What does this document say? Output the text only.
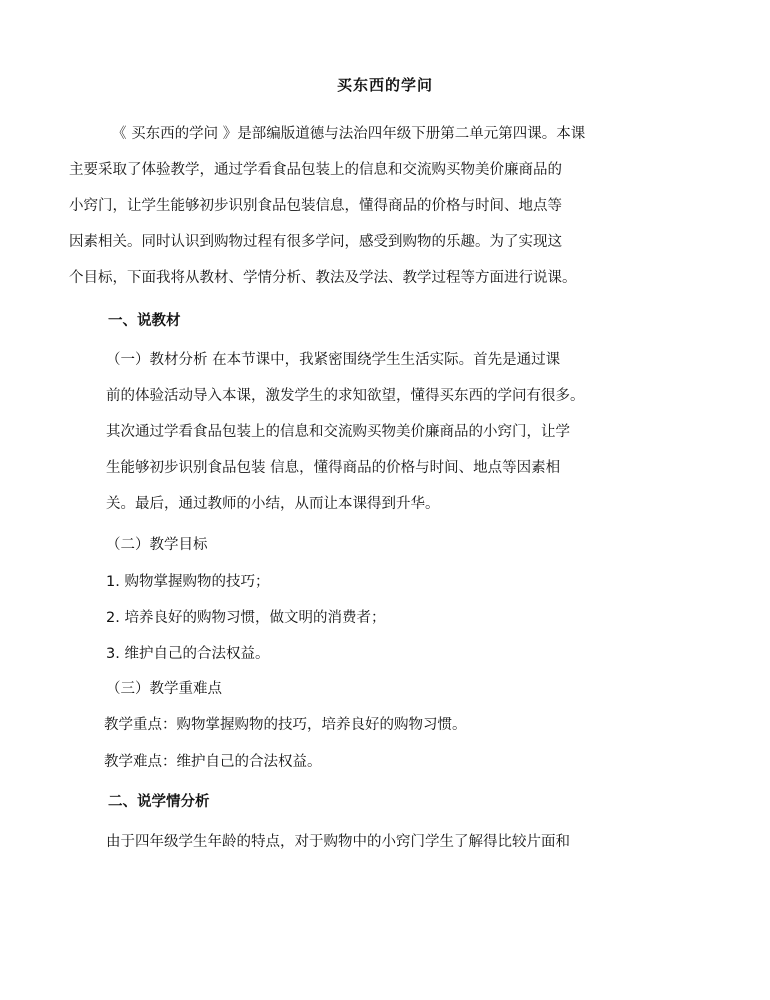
买东西的学问
《 买东西的学问 》是部编版道德与法治四年级下册第二单元第四课。本课
主要采取了体验教学，通过学看食品包装上的信息和交流购买物美价廉商品的
小窍门，让学生能够初步识别食品包装信息，懂得商品的价格与时间、地点等
因素相关。同时认识到购物过程有很多学问，感受到购物的乐趣。为了实现这
个目标，下面我将从教材、学情分析、教法及学法、教学过程等方面进行说课。
一、说教材
（一）教材分析 在本节课中，我紧密围绕学生生活实际。首先是通过课
前的体验活动导入本课，激发学生的求知欲望，懂得买东西的学问有很多。
其次通过学看食品包装上的信息和交流购买物美价廉商品的小窍门，让学
生能够初步识别食品包装 信息，懂得商品的价格与时间、地点等因素相
关。最后，通过教师的小结，从而让本课得到升华。
（二）教学目标
1. 购物掌握购物的技巧；
2. 培养良好的购物习惯，做文明的消费者；
3. 维护自己的合法权益。
（三）教学重难点
教学重点：购物掌握购物的技巧，培养良好的购物习惯。
教学难点：维护自己的合法权益。
二、说学情分析
由于四年级学生年龄的特点，对于购物中的小窍门学生了解得比较片面和
